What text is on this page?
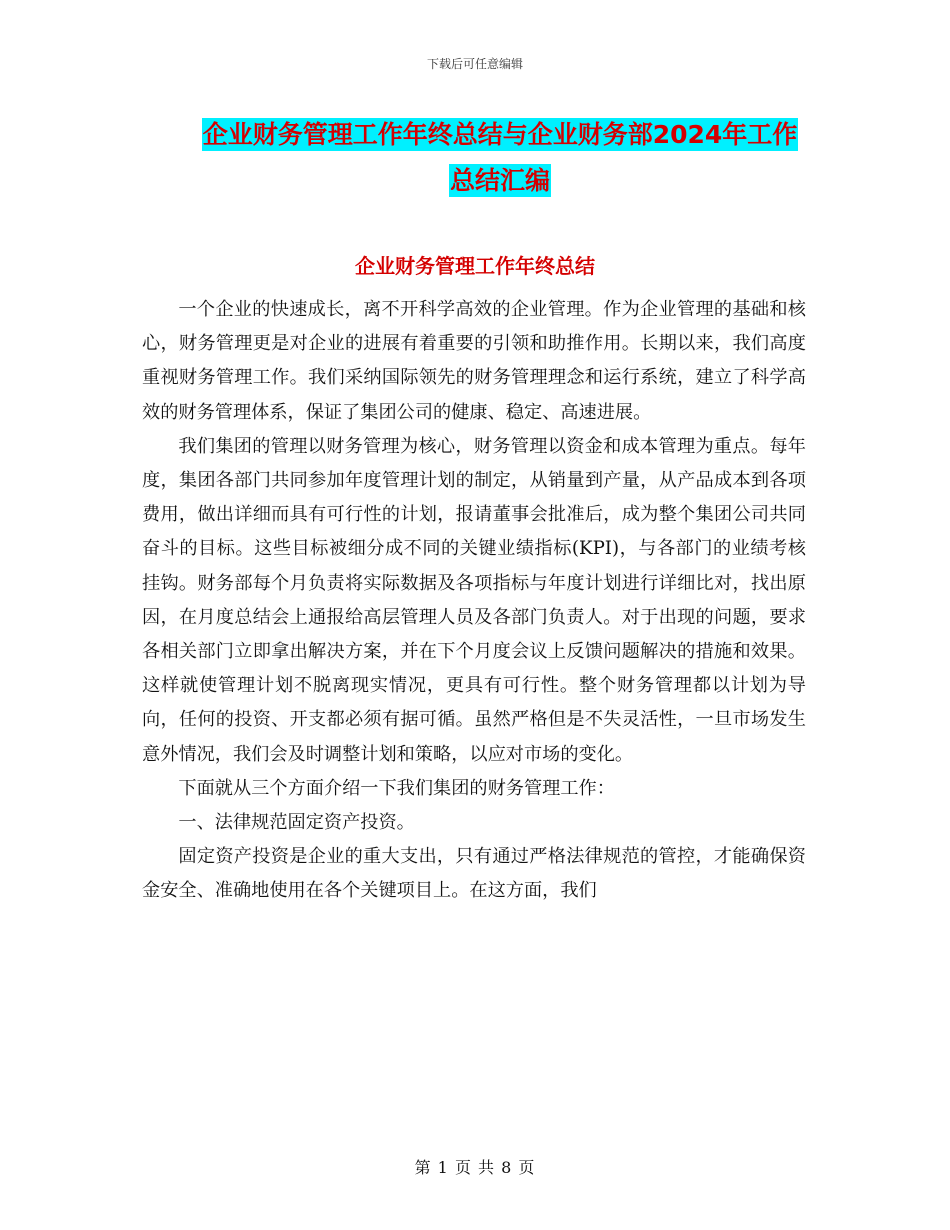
下载后可任意编辑
企业财务管理工作年终总结与企业财务部2024年工作
总结汇编
企业财务管理工作年终总结

一个企业的快速成长，离不开科学高效的企业管理。作为企业管理的基础和核心，财务管理更是对企业的进展有着重要的引领和助推作用。长期以来，我们高度重视财务管理工作。我们采纳国际领先的财务管理理念和运行系统，建立了科学高效的财务管理体系，保证了集团公司的健康、稳定、高速进展。

我们集团的管理以财务管理为核心，财务管理以资金和成本管理为重点。每年度，集团各部门共同参加年度管理计划的制定，从销量到产量，从产品成本到各项费用，做出详细而具有可行性的计划，报请董事会批准后，成为整个集团公司共同奋斗的目标。这些目标被细分成不同的关键业绩指标(KPI)，与各部门的业绩考核挂钩。财务部每个月负责将实际数据及各项指标与年度计划进行详细比对，找出原因，在月度总结会上通报给高层管理人员及各部门负责人。对于出现的问题，要求各相关部门立即拿出解决方案，并在下个月度会议上反馈问题解决的措施和效果。这样就使管理计划不脱离现实情况，更具有可行性。整个财务管理都以计划为导向，任何的投资、开支都必须有据可循。虽然严格但是不失灵活性，一旦市场发生意外情况，我们会及时调整计划和策略，以应对市场的变化。

下面就从三个方面介绍一下我们集团的财务管理工作：

一、法律规范固定资产投资。

固定资产投资是企业的重大支出，只有通过严格法律规范的管控，才能确保资金安全、准确地使用在各个关键项目上。在这方面，我们

第 1 页 共 8 页
